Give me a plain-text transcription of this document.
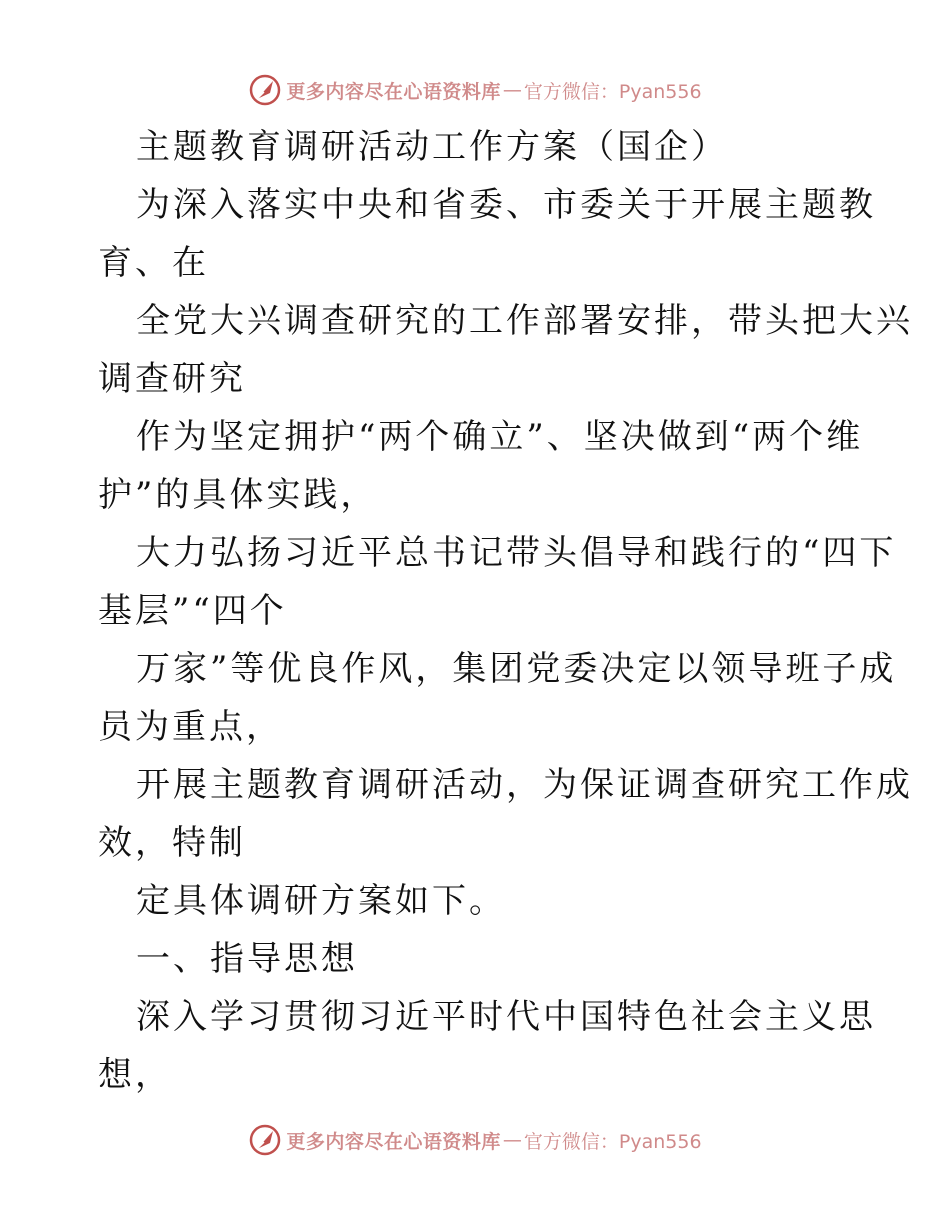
更多内容尽在心语资料库 — 官方微信：Pyan556
主题教育调研活动工作方案（国企）
为深入落实中央和省委、市委关于开展主题教
育、在
全党大兴调查研究的工作部署安排，带头把大兴
调查研究
作为坚定拥护“两个确立”、坚决做到“两个维
护”的具体实践，
大力弘扬习近平总书记带头倡导和践行的“四下
基层”“四个
万家”等优良作风，集团党委决定以领导班子成
员为重点，
开展主题教育调研活动，为保证调查研究工作成
效，特制
定具体调研方案如下。
一、指导思想
深入学习贯彻习近平时代中国特色社会主义思
想，
更多内容尽在心语资料库 — 官方微信：Pyan556
